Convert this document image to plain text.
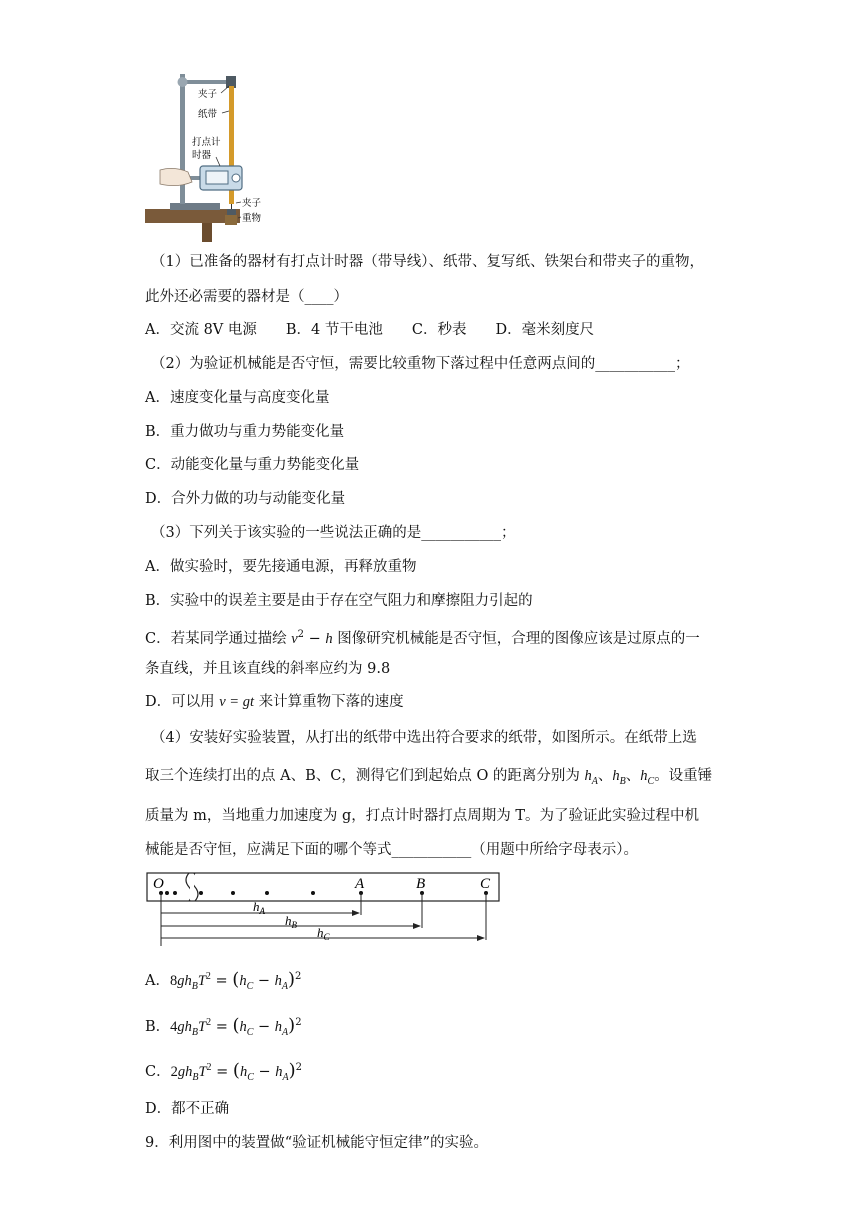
夹子
纸带
打点计
时器
夹子
重物
（1）已准备的器材有打点计时器（带导线）、纸带、复写纸、铁架台和带夹子的重物，
此外还必需要的器材是（____）
A．交流 8V 电源　　B．4 节干电池　　C．秒表　　D．毫米刻度尺
（2）为验证机械能是否守恒，需要比较重物下落过程中任意两点间的___________；
A．速度变化量与高度变化量
B．重力做功与重力势能变化量
C．动能变化量与重力势能变化量
D．合外力做的功与动能变化量
（3）下列关于该实验的一些说法正确的是___________；
A．做实验时，要先接通电源，再释放重物
B．实验中的误差主要是由于存在空气阻力和摩擦阻力引起的
C．若某同学通过描绘 $v^2 - h$ 图像研究机械能是否守恒，合理的图像应该是过原点的一
条直线，并且该直线的斜率应约为 9.8
D．可以用 v = gt 来计算重物下落的速度
（4）安装好实验装置，从打出的纸带中选出符合要求的纸带，如图所示。在纸带上选
取三个连续打出的点 A、B、C，测得它们到起始点 O 的距离分别为 $h_A$、$h_B$、$h_C$。设重锤
质量为 m，当地重力加速度为 g，打点计时器打点周期为 T。为了验证此实验过程中机
械能是否守恒，应满足下面的哪个等式___________（用题中所给字母表示）。
O	A	B	C
$h_A$
$h_B$ $h_C$
A．$8gh_BT^2 = (h_C - h_A)^2$
B．$4gh_BT^2 = (h_C - h_A)^2$
C．$2gh_BT^2 = (h_C - h_A)^2$
D．都不正确
9．利用图中的装置做“验证机械能守恒定律”的实验。
